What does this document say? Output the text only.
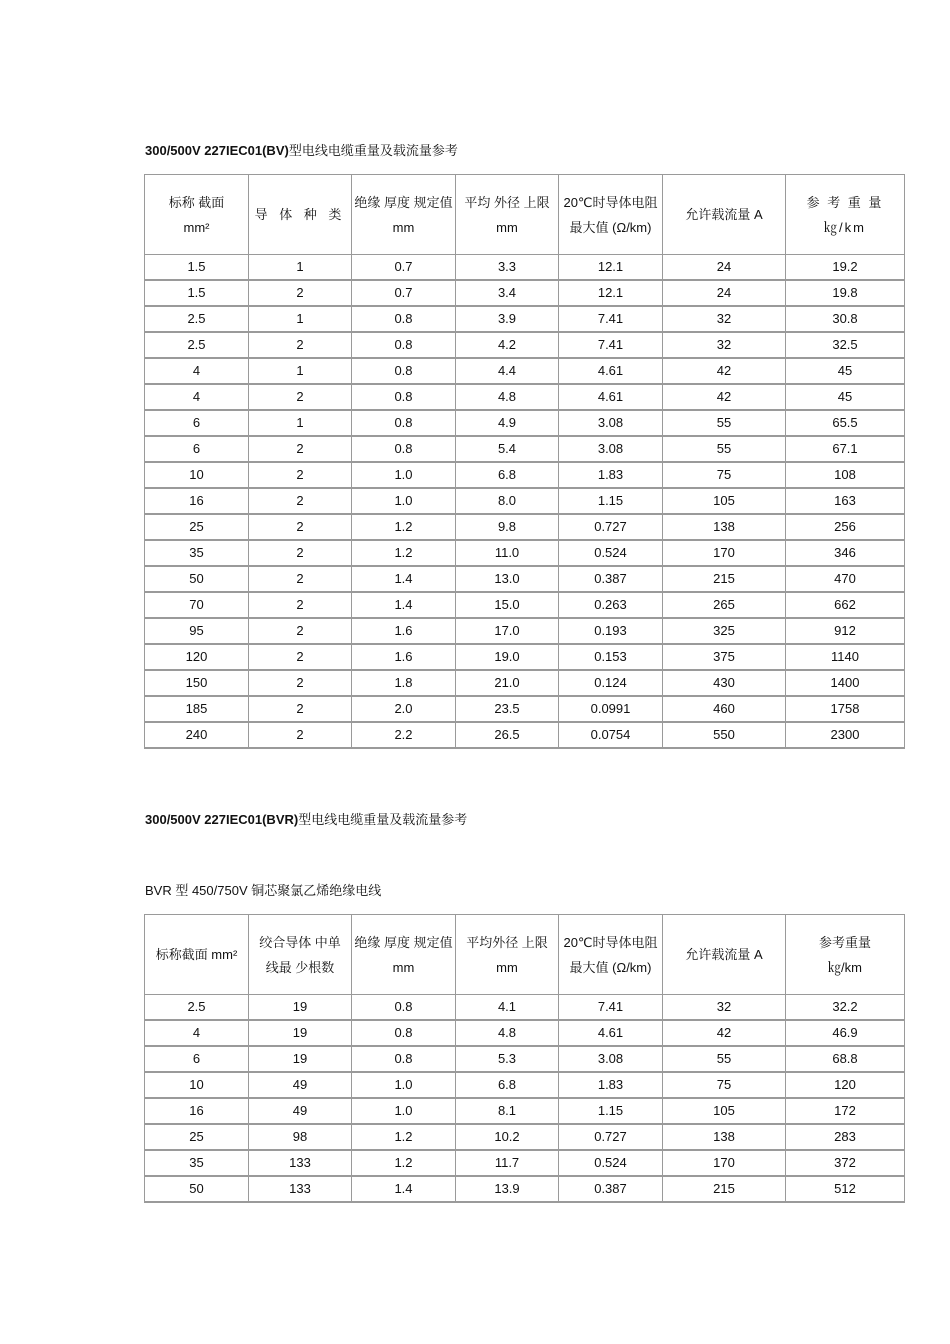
300/500V 227IEC01(BV)型电线电缆重量及载流量参考
标称 截面 mm²	导 体 种 类	绝缘 厚度 规定值 mm	平均 外径 上限 mm	20℃时导体电阻最大值 (Ω/km)	允许载流量 A	参 考 重 量 ㎏/km
1.5	1	0.7	3.3	12.1	24	19.2
1.5	2	0.7	3.4	12.1	24	19.8
2.5	1	0.8	3.9	7.41	32	30.8
2.5	2	0.8	4.2	7.41	32	32.5
4	1	0.8	4.4	4.61	42	45
4	2	0.8	4.8	4.61	42	45
6	1	0.8	4.9	3.08	55	65.5
6	2	0.8	5.4	3.08	55	67.1
10	2	1.0	6.8	1.83	75	108
16	2	1.0	8.0	1.15	105	163
25	2	1.2	9.8	0.727	138	256
35	2	1.2	11.0	0.524	170	346
50	2	1.4	13.0	0.387	215	470
70	2	1.4	15.0	0.263	265	662
95	2	1.6	17.0	0.193	325	912
120	2	1.6	19.0	0.153	375	1140
150	2	1.8	21.0	0.124	430	1400
185	2	2.0	23.5	0.0991	460	1758
240	2	2.2	26.5	0.0754	550	2300
300/500V 227IEC01(BVR)型电线电缆重量及载流量参考
BVR 型 450/750V 铜芯聚氯乙烯绝缘电线
标称截面 mm²	绞合导体 中单线最 少根数	绝缘 厚度 规定值 mm	平均外径 上限 mm	20℃时导体电阻最大值 (Ω/km)	允许载流量 A	参考重量 ㎏/km
2.5	19	0.8	4.1	7.41	32	32.2
4	19	0.8	4.8	4.61	42	46.9
6	19	0.8	5.3	3.08	55	68.8
10	49	1.0	6.8	1.83	75	120
16	49	1.0	8.1	1.15	105	172
25	98	1.2	10.2	0.727	138	283
35	133	1.2	11.7	0.524	170	372
50	133	1.4	13.9	0.387	215	512
